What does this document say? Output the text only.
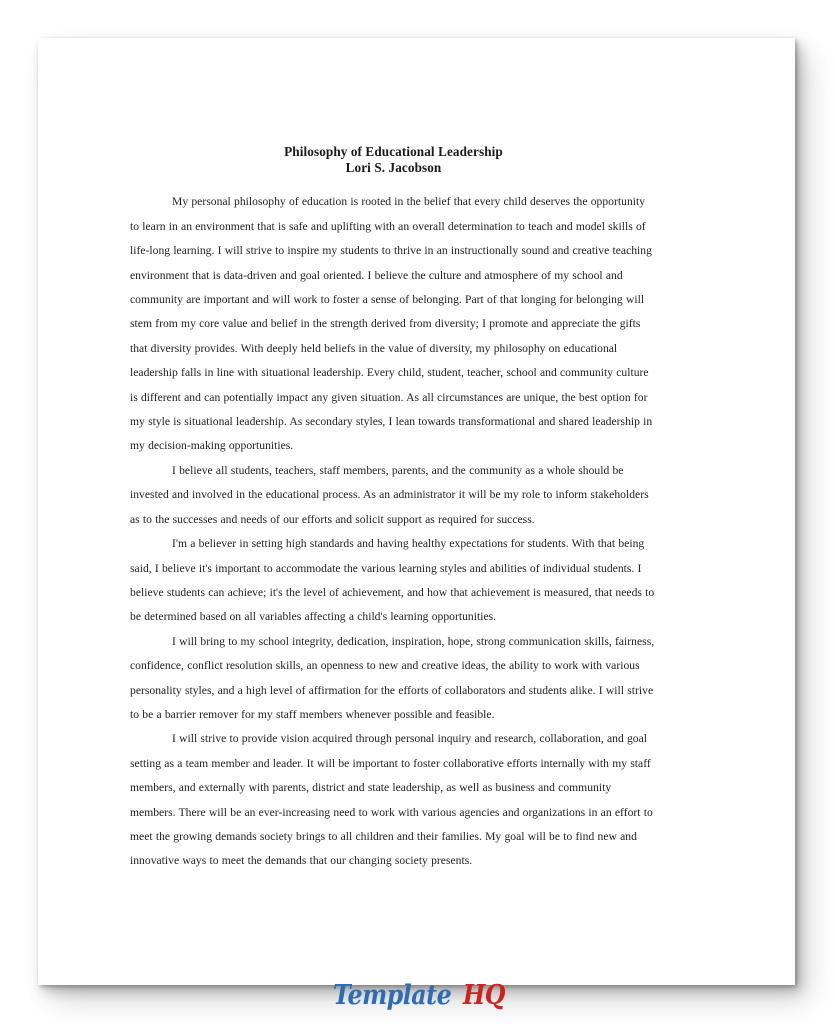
Philosophy of Educational Leadership
Lori S. Jacobson

My personal philosophy of education is rooted in the belief that every child deserves the opportunity to learn in an environment that is safe and uplifting with an overall determination to teach and model skills of life-long learning. I will strive to inspire my students to thrive in an instructionally sound and creative teaching environment that is data-driven and goal oriented. I believe the culture and atmosphere of my school and community are important and will work to foster a sense of belonging. Part of that longing for belonging will stem from my core value and belief in the strength derived from diversity; I promote and appreciate the gifts that diversity provides. With deeply held beliefs in the value of diversity, my philosophy on educational leadership falls in line with situational leadership. Every child, student, teacher, school and community culture is different and can potentially impact any given situation. As all circumstances are unique, the best option for my style is situational leadership. As secondary styles, I lean towards transformational and shared leadership in my decision-making opportunities.

I believe all students, teachers, staff members, parents, and the community as a whole should be invested and involved in the educational process. As an administrator it will be my role to inform stakeholders as to the successes and needs of our efforts and solicit support as required for success.

I'm a believer in setting high standards and having healthy expectations for students. With that being said, I believe it's important to accommodate the various learning styles and abilities of individual students. I believe students can achieve; it's the level of achievement, and how that achievement is measured, that needs to be determined based on all variables affecting a child's learning opportunities.

I will bring to my school integrity, dedication, inspiration, hope, strong communication skills, fairness, confidence, conflict resolution skills, an openness to new and creative ideas, the ability to work with various personality styles, and a high level of affirmation for the efforts of collaborators and students alike. I will strive to be a barrier remover for my staff members whenever possible and feasible.

I will strive to provide vision acquired through personal inquiry and research, collaboration, and goal setting as a team member and leader. It will be important to foster collaborative efforts internally with my staff members, and externally with parents, district and state leadership, as well as business and community members. There will be an ever-increasing need to work with various agencies and organizations in an effort to meet the growing demands society brings to all children and their families. My goal will be to find new and innovative ways to meet the demands that our changing society presents.

Template HQ
